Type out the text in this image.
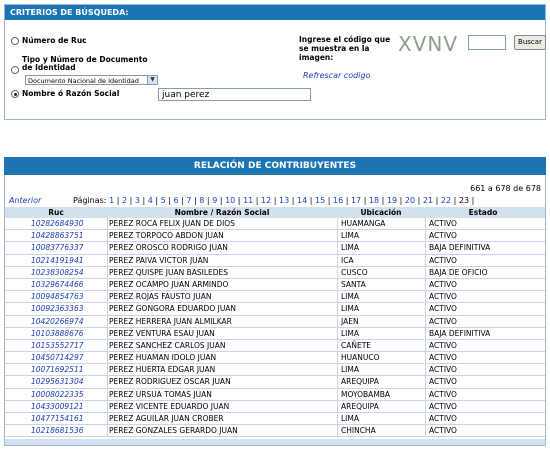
CRITERIOS DE BÚSQUEDA:
Número de Ruc
Tipo y Número de Documento de Identidad
Documento Nacional de Identidad	▼
Nombre ó Razón Social	juan perez
Ingrese el código que se muestra en la imagen:
XVNV	Buscar
Refrescar codigo
RELACIÓN DE CONTRIBUYENTES
661 a 678 de 678
Anterior	Páginas: 1 | 2 | 3 | 4 | 5 | 6 | 7 | 8 | 9 | 10 | 11 | 12 | 13 | 14 | 15 | 16 | 17 | 18 | 19 | 20 | 21 | 22 | 23 |
Ruc	Nombre / Razón Social	Ubicación	Estado
10282684930	PEREZ ROCA FELIX JUAN DE DIOS	HUAMANGA	ACTIVO
10428863751	PEREZ TORPOCO ABDON JUAN	LIMA	ACTIVO
10083776337	PEREZ OROSCO RODRIGO JUAN	LIMA	BAJA DEFINITIVA
10214191941	PEREZ PAIVA VICTOR JUAN	ICA	ACTIVO
10238308254	PEREZ QUISPE JUAN BASILEDES	CUSCO	BAJA DE OFICIO
10329674466	PEREZ OCAMPO JUAN ARMINDO	SANTA	ACTIVO
10094854763	PEREZ ROJAS FAUSTO JUAN	LIMA	ACTIVO
10092363363	PEREZ GONGORA EDUARDO JUAN	LIMA	ACTIVO
10420266974	PEREZ HERRERA JUAN ALMILKAR	JAEN	ACTIVO
10103888676	PEREZ VENTURA ESAU JUAN	LIMA	BAJA DEFINITIVA
10153552717	PEREZ SANCHEZ CARLOS JUAN	CAÑETE	ACTIVO
10450714297	PEREZ HUAMAN IDOLO JUAN	HUANUCO	ACTIVO
10071692511	PEREZ HUERTA EDGAR JUAN	LIMA	ACTIVO
10295631304	PEREZ RODRIGUEZ OSCAR JUAN	AREQUIPA	ACTIVO
10008022335	PEREZ URSUA TOMAS JUAN	MOYOBAMBA	ACTIVO
10433009121	PEREZ VICENTE EDUARDO JUAN	AREQUIPA	ACTIVO
10477154161	PEREZ AGUILAR JUAN CROBER	LIMA	ACTIVO
10218681536	PEREZ GONZALES GERARDO JUAN	CHINCHA	ACTIVO
